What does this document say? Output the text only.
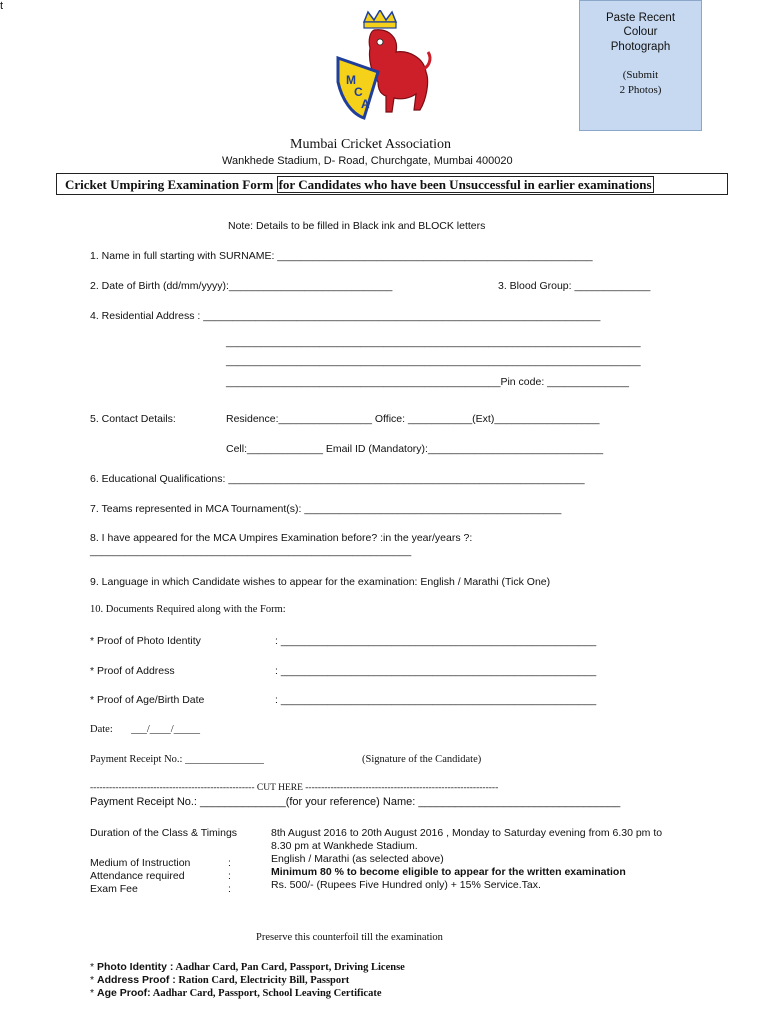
t
Paste Recent
Colour
Photograph
(Submit
2 Photos)
M
C
A
Mumbai Cricket Association
Wankhede Stadium, D- Road, Churchgate, Mumbai 400020
Cricket Umpiring Examination Form for Candidates who have been Unsuccessful in earlier examinations
Note: Details to be filled in Black ink and BLOCK letters
1. Name in full starting with SURNAME: ______________________________________________________
2. Date of Birth (dd/mm/yyyy):____________________________	3. Blood Group: _____________
4. Residential Address : ____________________________________________________________________
_______________________________________________________________________
_______________________________________________________________________
_______________________________________________Pin code: ______________
5. Contact Details:	Residence:________________ Office: ___________(Ext)__________________
Cell:_____________ Email ID (Mandatory):______________________________
6. Educational Qualifications: _____________________________________________________________
7. Teams represented in MCA Tournament(s): ____________________________________________
8. I have appeared for the MCA Umpires Examination before? :in the year/years ?:
_______________________________________________________
9. Language in which Candidate wishes to appear for the examination: English / Marathi (Tick One)
10. Documents Required along with the Form:
* Proof of Photo Identity	: ______________________________________________________
* Proof of Address	: ______________________________________________________
* Proof of Age/Birth Date	: ______________________________________________________
Date:       ___/____/_____
Payment Receipt No.: _______________	(Signature of the Candidate)
---------------------------------------------------- CUT HERE -------------------------------------------------------------
Payment Receipt No.: ______________(for your reference) Name: _________________________________
Duration of the Class & Timings	8th August 2016 to 20th August 2016 , Monday to Saturday evening from 6.30 pm to
8.30 pm at Wankhede Stadium.
Medium of Instruction	:	English / Marathi (as selected above)
Attendance required	:	Minimum 80 % to become eligible to appear for the written examination
Exam Fee	:	Rs. 500/- (Rupees Five Hundred only) + 15% Service.Tax.
Preserve this counterfoil till the examination
* Photo Identity : Aadhar Card, Pan Card, Passport, Driving License
* Address Proof : Ration Card, Electricity Bill, Passport
* Age Proof: Aadhar Card, Passport, School Leaving Certificate
